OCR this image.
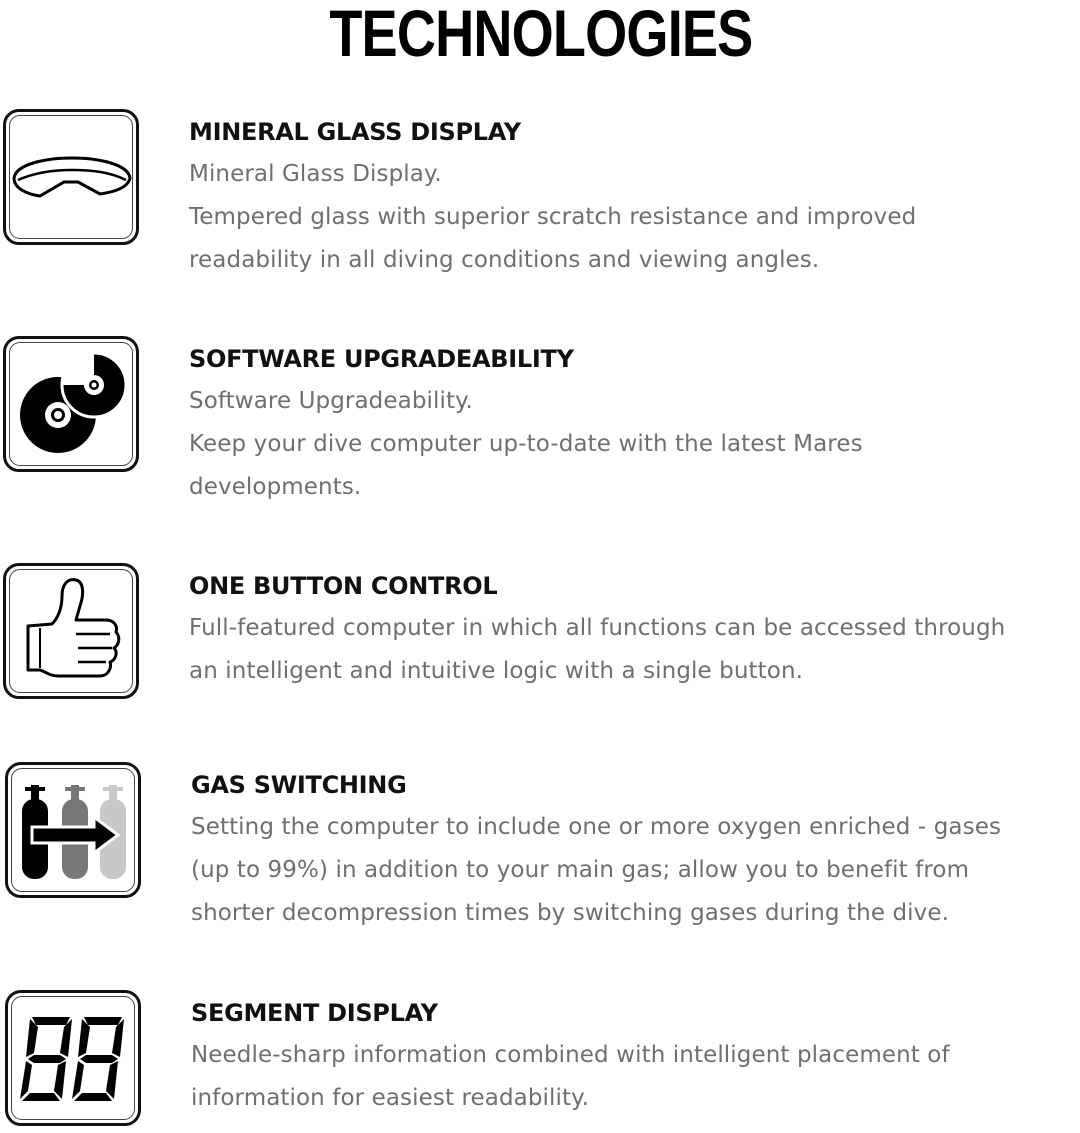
TECHNOLOGIES
MINERAL GLASS DISPLAY
Mineral Glass Display.
Tempered glass with superior scratch resistance and improved
readability in all diving conditions and viewing angles.
SOFTWARE UPGRADEABILITY
Software Upgradeability.
Keep your dive computer up-to-date with the latest Mares
developments.
ONE BUTTON CONTROL
Full-featured computer in which all functions can be accessed through
an intelligent and intuitive logic with a single button.
GAS SWITCHING
Setting the computer to include one or more oxygen enriched - gases
(up to 99%) in addition to your main gas; allow you to benefit from
shorter decompression times by switching gases during the dive.
SEGMENT DISPLAY
Needle-sharp information combined with intelligent placement of
information for easiest readability.
